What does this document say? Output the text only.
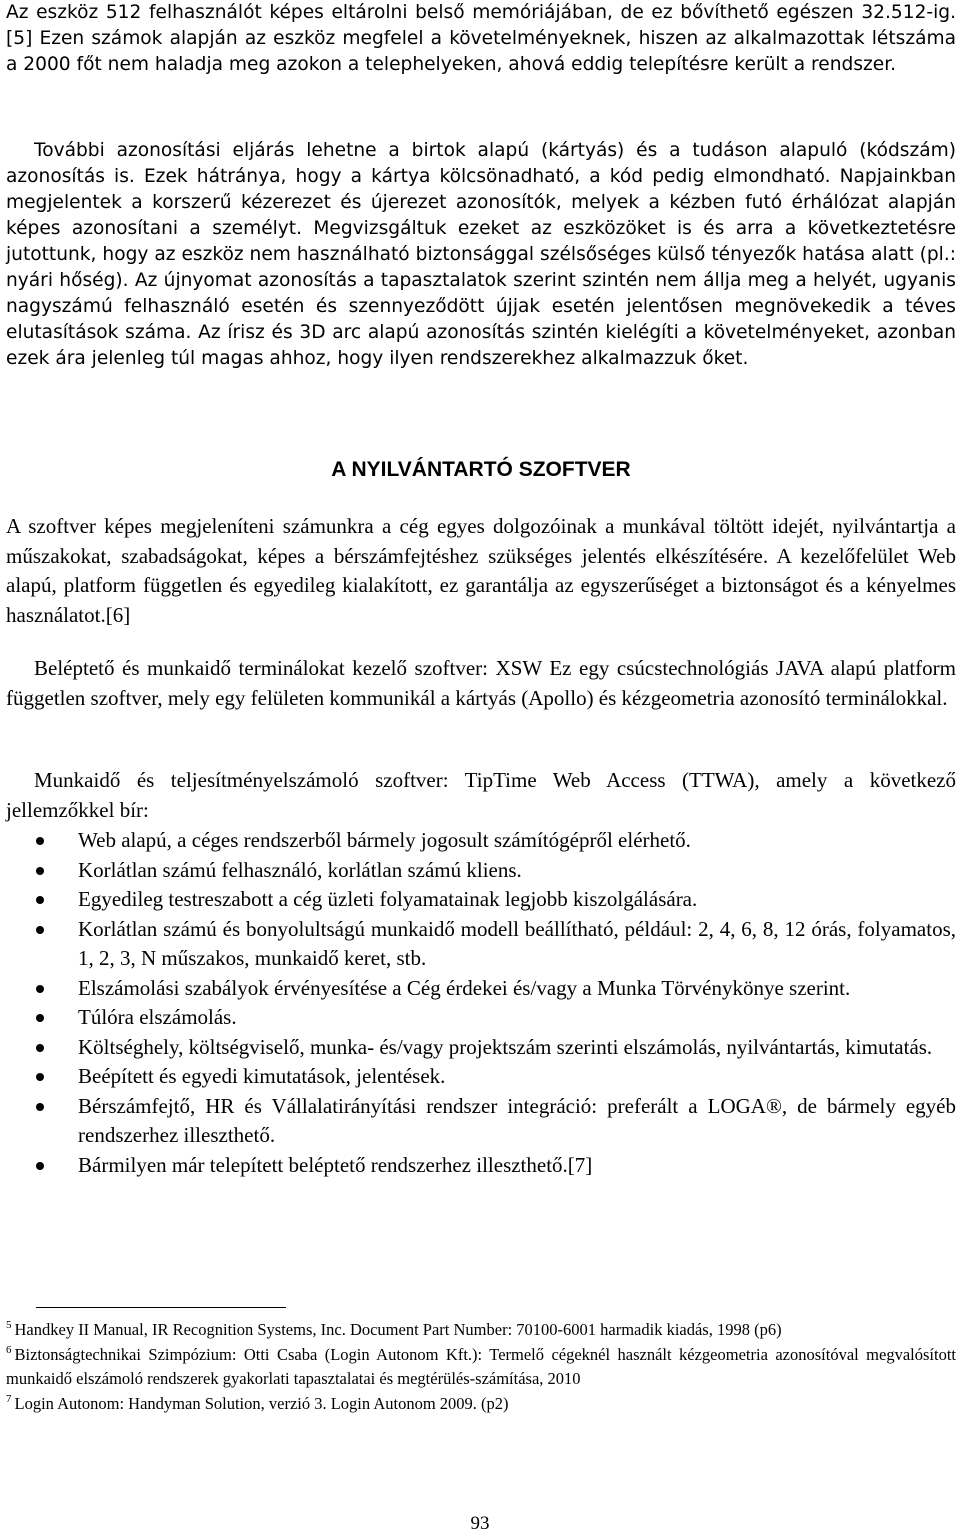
Az eszköz 512 felhasználót képes eltárolni belső memóriájában, de ez bővíthető egészen 32.512-ig. [5] Ezen számok alapján az eszköz megfelel a követelményeknek, hiszen az alkalmazottak létszáma a 2000 főt nem haladja meg azokon a telephelyeken, ahová eddig telepítésre került a rendszer.

További azonosítási eljárás lehetne a birtok alapú (kártyás) és a tudáson alapuló (kódszám) azonosítás is. Ezek hátránya, hogy a kártya kölcsönadható, a kód pedig elmondható. Napjainkban megjelentek a korszerű kézerezet és újerezet azonosítók, melyek a kézben futó érhálózat alapján képes azonosítani a személyt. Megvizsgáltuk ezeket az eszközöket is és arra a következtetésre jutottunk, hogy az eszköz nem használható biztonsággal szélsőséges külső tényezők hatása alatt (pl.: nyári hőség). Az újnyomat azonosítás a tapasztalatok szerint szintén nem állja meg a helyét, ugyanis nagyszámú felhasználó esetén és szennyeződött újjak esetén jelentősen megnövekedik a téves elutasítások száma. Az írisz és 3D arc alapú azonosítás szintén kielégíti a követelményeket, azonban ezek ára jelenleg túl magas ahhoz, hogy ilyen rendszerekhez alkalmazzuk őket.

A NYILVÁNTARTÓ SZOFTVER

A szoftver képes megjeleníteni számunkra a cég egyes dolgozóinak a munkával töltött idejét, nyilvántartja a műszakokat, szabadságokat, képes a bérszámfejtéshez szükséges jelentés elkészítésére. A kezelőfelület Web alapú, platform független és egyedileg kialakított, ez garantálja az egyszerűséget a biztonságot és a kényelmes használatot.[6]

Beléptető és munkaidő terminálokat kezelő szoftver: XSW Ez egy csúcstechnológiás JAVA alapú platform független szoftver, mely egy felületen kommunikál a kártyás (Apollo) és kézgeometria azonosító terminálokkal.

Munkaidő és teljesítményelszámoló szoftver: TipTime Web Access (TTWA), amely a következő jellemzőkkel bír:

Web alapú, a céges rendszerből bármely jogosult számítógépről elérhető.
Korlátlan számú felhasználó, korlátlan számú kliens.
Egyedileg testreszabott a cég üzleti folyamatainak legjobb kiszolgálására.
Korlátlan számú és bonyolultságú munkaidő modell beállítható, például: 2, 4, 6, 8, 12 órás, folyamatos, 1, 2, 3, N műszakos, munkaidő keret, stb.
Elszámolási szabályok érvényesítése a Cég érdekei és/vagy a Munka Törvénykönye szerint.
Túlóra elszámolás.
Költséghely, költségviselő, munka- és/vagy projektszám szerinti elszámolás, nyilvántartás, kimutatás.
Beépített és egyedi kimutatások, jelentések.
Bérszámfejtő, HR és Vállalatirányítási rendszer integráció: preferált a LOGA®, de bármely egyéb rendszerhez illeszthető.
Bármilyen már telepített beléptető rendszerhez illeszthető.[7]

$^5$ Handkey II Manual, IR Recognition Systems, Inc. Document Part Number: 70100-6001 harmadik kiadás, 1998 (p6)

$^6$ Biztonságtechnikai Szimpózium: Otti Csaba (Login Autonom Kft.): Termelő cégeknél használt kézgeometria azonosítóval megvalósított munkaidő elszámoló rendszerek gyakorlati tapasztalatai és megtérülés-számítása, 2010

$^7$ Login Autonom: Handyman Solution, verzió 3. Login Autonom 2009. (p2)

93
